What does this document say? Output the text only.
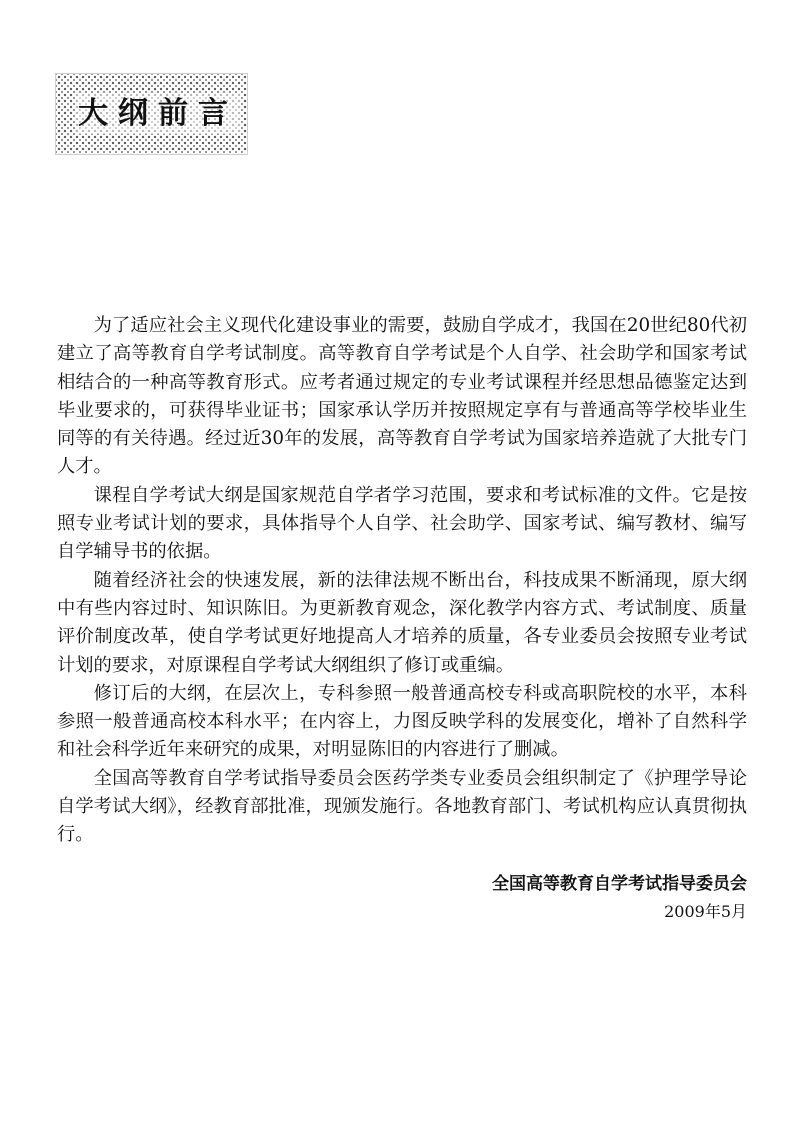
大纲前言

为了适应社会主义现代化建设事业的需要，鼓励自学成才，我国在20世纪80代初建立了高等教育自学考试制度。高等教育自学考试是个人自学、社会助学和国家考试相结合的一种高等教育形式。应考者通过规定的专业考试课程并经思想品德鉴定达到毕业要求的，可获得毕业证书；国家承认学历并按照规定享有与普通高等学校毕业生同等的有关待遇。经过近30年的发展，高等教育自学考试为国家培养造就了大批专门人才。

课程自学考试大纲是国家规范自学者学习范围，要求和考试标准的文件。它是按照专业考试计划的要求，具体指导个人自学、社会助学、国家考试、编写教材、编写自学辅导书的依据。

随着经济社会的快速发展，新的法律法规不断出台，科技成果不断涌现，原大纲中有些内容过时、知识陈旧。为更新教育观念，深化教学内容方式、考试制度、质量评价制度改革，使自学考试更好地提高人才培养的质量，各专业委员会按照专业考试计划的要求，对原课程自学考试大纲组织了修订或重编。

修订后的大纲，在层次上，专科参照一般普通高校专科或高职院校的水平，本科参照一般普通高校本科水平；在内容上，力图反映学科的发展变化，增补了自然科学和社会科学近年来研究的成果，对明显陈旧的内容进行了删减。

全国高等教育自学考试指导委员会医药学类专业委员会组织制定了《护理学导论自学考试大纲》，经教育部批准，现颁发施行。各地教育部门、考试机构应认真贯彻执行。

全国高等教育自学考试指导委员会
2009年5月
